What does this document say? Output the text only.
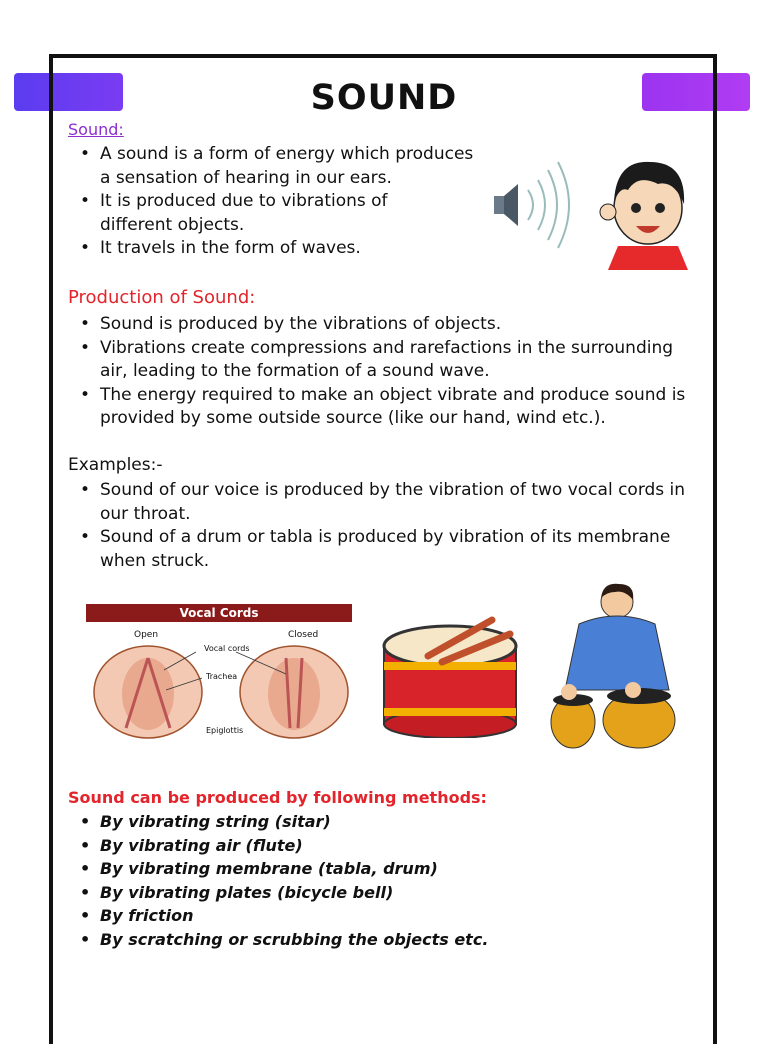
SOUND
Sound:
• A sound is a form of energy which produces a sensation of hearing in our ears.
• It is produced due to vibrations of different objects.
• It travels in the form of waves.
Production of Sound:
• Sound is produced by the vibrations of objects.
• Vibrations create compressions and rarefactions in the surrounding air, leading to the formation of a sound wave.
• The energy required to make an object vibrate and produce sound is provided by some outside source (like our hand, wind etc.).
Examples:-
• Sound of our voice is produced by the vibration of two vocal cords in our throat.
• Sound of a drum or tabla is produced by vibration of its membrane when struck.
Vocal Cords
Open	Closed
Vocal cords
Trachea
Epiglottis
Sound can be produced by following methods:
• By vibrating string (sitar)
• By vibrating air (flute)
• By vibrating membrane (tabla, drum)
• By vibrating plates (bicycle bell)
• By friction
• By scratching or scrubbing the objects etc.
